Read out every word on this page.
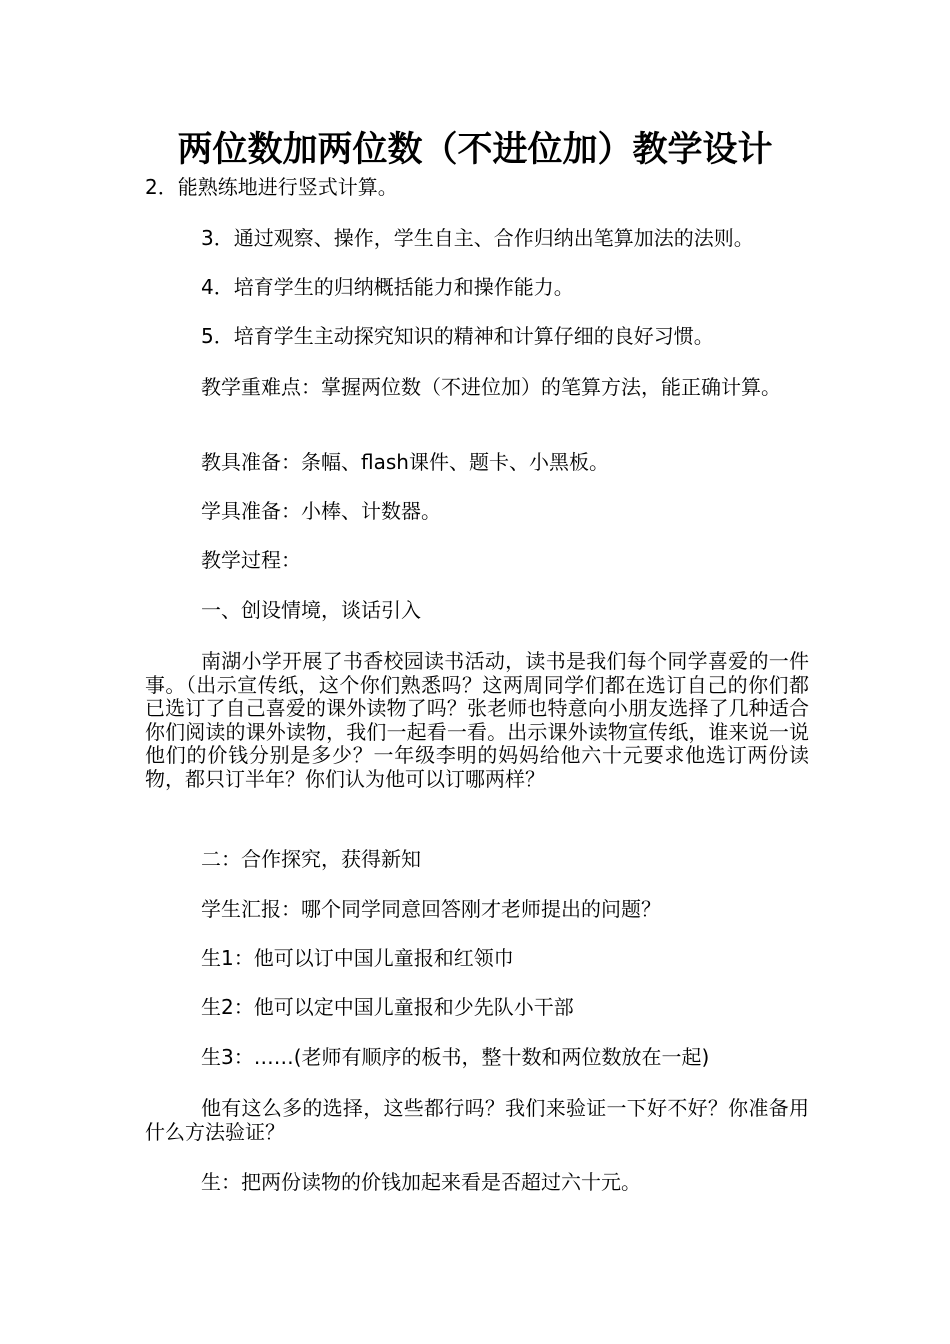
两位数加两位数（不进位加）教学设计

2．能熟练地进行竖式计算。

3．通过观察、操作，学生自主、合作归纳出笔算加法的法则。

4．培育学生的归纳概括能力和操作能力。

5．培育学生主动探究知识的精神和计算仔细的良好习惯。

教学重难点：掌握两位数（不进位加）的笔算方法，能正确计算。

教具准备：条幅、flash课件、题卡、小黑板。

学具准备：小棒、计数器。

教学过程：

一、创设情境，谈话引入

南湖小学开展了书香校园读书活动，读书是我们每个同学喜爱的一件事。（出示宣传纸，这个你们熟悉吗？这两周同学们都在选订自己的你们都已选订了自己喜爱的课外读物了吗？张老师也特意向小朋友选择了几种适合你们阅读的课外读物，我们一起看一看。出示课外读物宣传纸，谁来说一说他们的价钱分别是多少？一年级李明的妈妈给他六十元要求他选订两份读物，都只订半年？你们认为他可以订哪两样？

二：合作探究，获得新知

学生汇报：哪个同学同意回答刚才老师提出的问题？

生1：他可以订中国儿童报和红领巾

生2：他可以定中国儿童报和少先队小干部

生3：……(老师有顺序的板书，整十数和两位数放在一起)

他有这么多的选择，这些都行吗？我们来验证一下好不好？你准备用什么方法验证？

生：把两份读物的价钱加起来看是否超过六十元。
